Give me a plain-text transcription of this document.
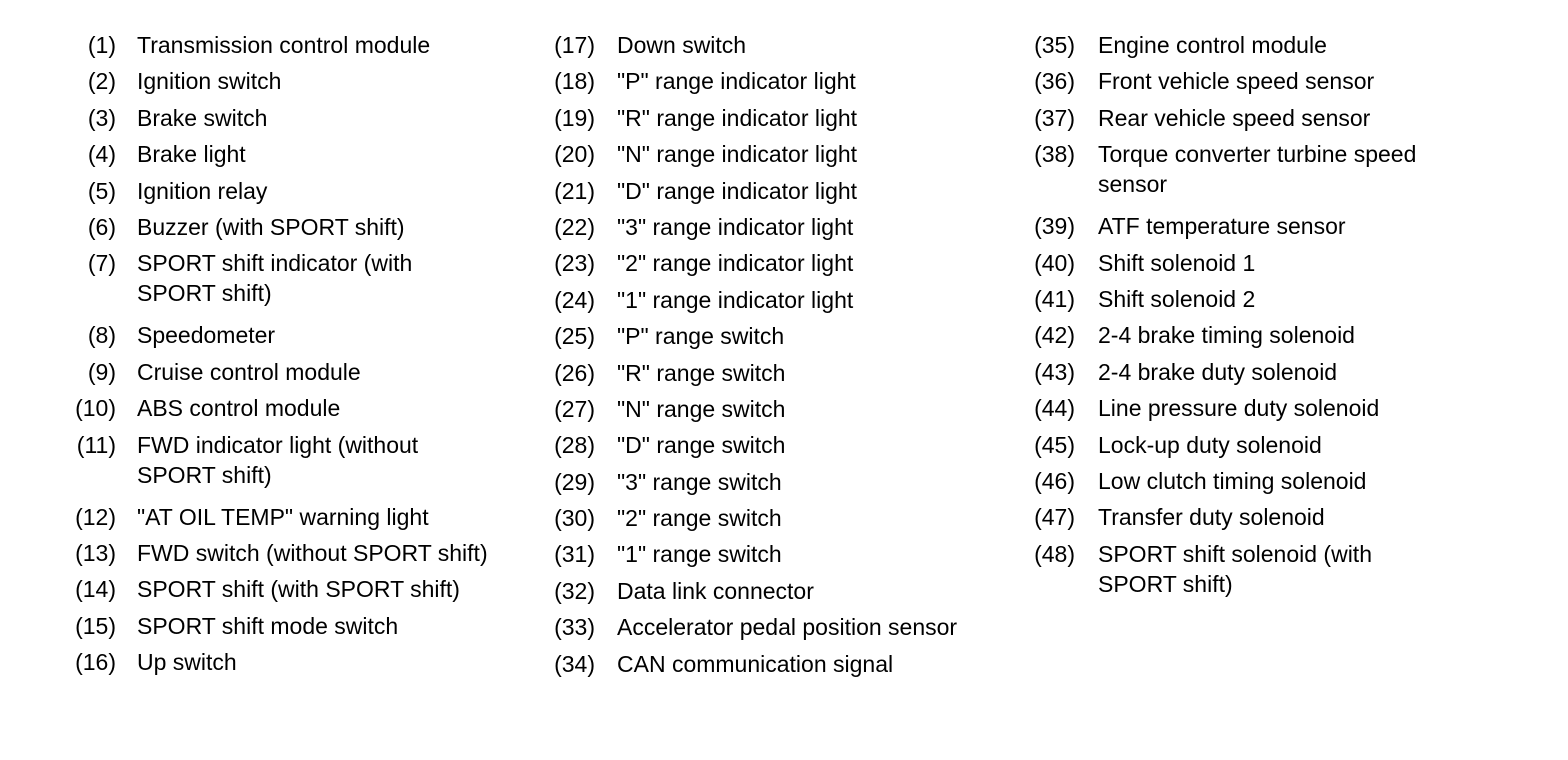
(1) Transmission control module
(2) Ignition switch
(3) Brake switch
(4) Brake light
(5) Ignition relay
(6) Buzzer (with SPORT shift)
(7) SPORT shift indicator (with
SPORT shift)
(8) Speedometer
(9) Cruise control module
(10) ABS control module
(11) FWD indicator light (without
SPORT shift)
(12) "AT OIL TEMP" warning light
(13) FWD switch (without SPORT shift)
(14) SPORT shift (with SPORT shift)
(15) SPORT shift mode switch
(16) Up switch
(17) Down switch
(18) "P" range indicator light
(19) "R" range indicator light
(20) "N" range indicator light
(21) "D" range indicator light
(22) "3" range indicator light
(23) "2" range indicator light
(24) "1" range indicator light
(25) "P" range switch
(26) "R" range switch
(27) "N" range switch
(28) "D" range switch
(29) "3" range switch
(30) "2" range switch
(31) "1" range switch
(32) Data link connector
(33) Accelerator pedal position sensor
(34) CAN communication signal
(35) Engine control module
(36) Front vehicle speed sensor
(37) Rear vehicle speed sensor
(38) Torque converter turbine speed
sensor
(39) ATF temperature sensor
(40) Shift solenoid 1
(41) Shift solenoid 2
(42) 2-4 brake timing solenoid
(43) 2-4 brake duty solenoid
(44) Line pressure duty solenoid
(45) Lock-up duty solenoid
(46) Low clutch timing solenoid
(47) Transfer duty solenoid
(48) SPORT shift solenoid (with
SPORT shift)
